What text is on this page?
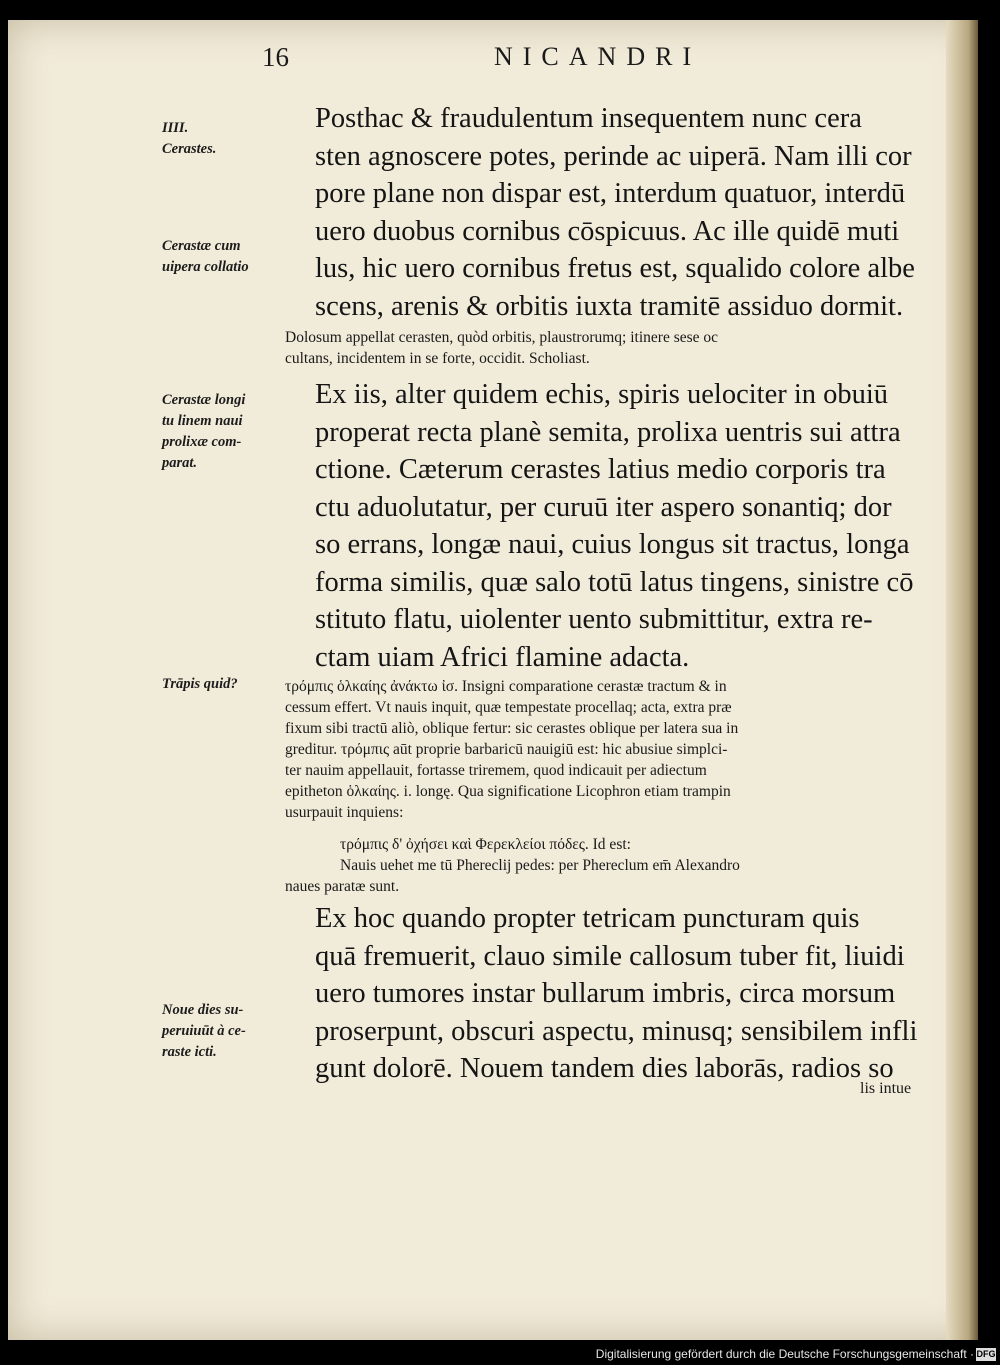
16	NICANDRI
IIII.
Cerastes.
Cerastæ cum
uipera collatio
Cerastæ longi
tu linem naui
prolixæ com-
parat.
Trāpis quid?
Noue dies su-
peruiuūt à ce-
raste icti.
Posthac & fraudulentum insequentem nunc cera
sten agnoscere potes, perinde ac uiperā. Nam illi cor
pore plane non dispar est, interdum quatuor, interdū
uero duobus cornibus cōspicuus. Ac ille quidē muti
lus, hic uero cornibus fretus est, squalido colore albe
scens, arenis & orbitis iuxta tramitē assiduo dormit.
Dolosum appellat cerasten, quòd orbitis, plaustrorumq; itinere sese oc
cultans, incidentem in se forte, occidit. Scholiast.
Ex iis, alter quidem echis, spiris uelociter in obuiū
properat recta planè semita, prolixa uentris sui attra
ctione. Cæterum cerastes latius medio corporis tra
ctu aduolutatur, per curuū iter aspero sonantiq; dor
so errans, longæ naui, cuius longus sit tractus, longa
forma similis, quæ salo totū latus tingens, sinistre cō
stituto flatu, uiolenter uento submittitur, extra re-
ctam uiam Africi flamine adacta.
τρόμπις ὁλκαίης ἀνάκτω ἰσ. Insigni comparatione cerastæ tractum & in
cessum effert. Vt nauis inquit, quæ tempestate procellaq; acta, extra præ
fixum sibi tractū aliò, oblique fertur: sic cerastes oblique per latera sua in
greditur. τρόμπις aūt proprie barbaricū nauigiū est: hic abusiue simplci-
ter nauim appellauit, fortasse triremem, quod indicauit per adiectum
epitheton ὁλκαίης. i. longę. Qua significatione Licophron etiam trampin
usurpauit inquiens:
τρόμπις δ' ὀχήσει καὶ Φερεκλείοι πόδες. Id est:
Nauis uehet me tū Phereclij pedes: per Phereclum em̄ Alexandro
naues paratæ sunt.
Ex hoc quando propter tetricam puncturam quis
quā fremuerit, clauo simile callosum tuber fit, liuidi
uero tumores instar bullarum imbris, circa morsum
proserpunt, obscuri aspectu, minusq; sensibilem infli
gunt dolorē. Nouem tandem dies laborās, radios so
lis intue
Digitalisierung gefördert durch die Deutsche Forschungsgemeinschaft · DFG
